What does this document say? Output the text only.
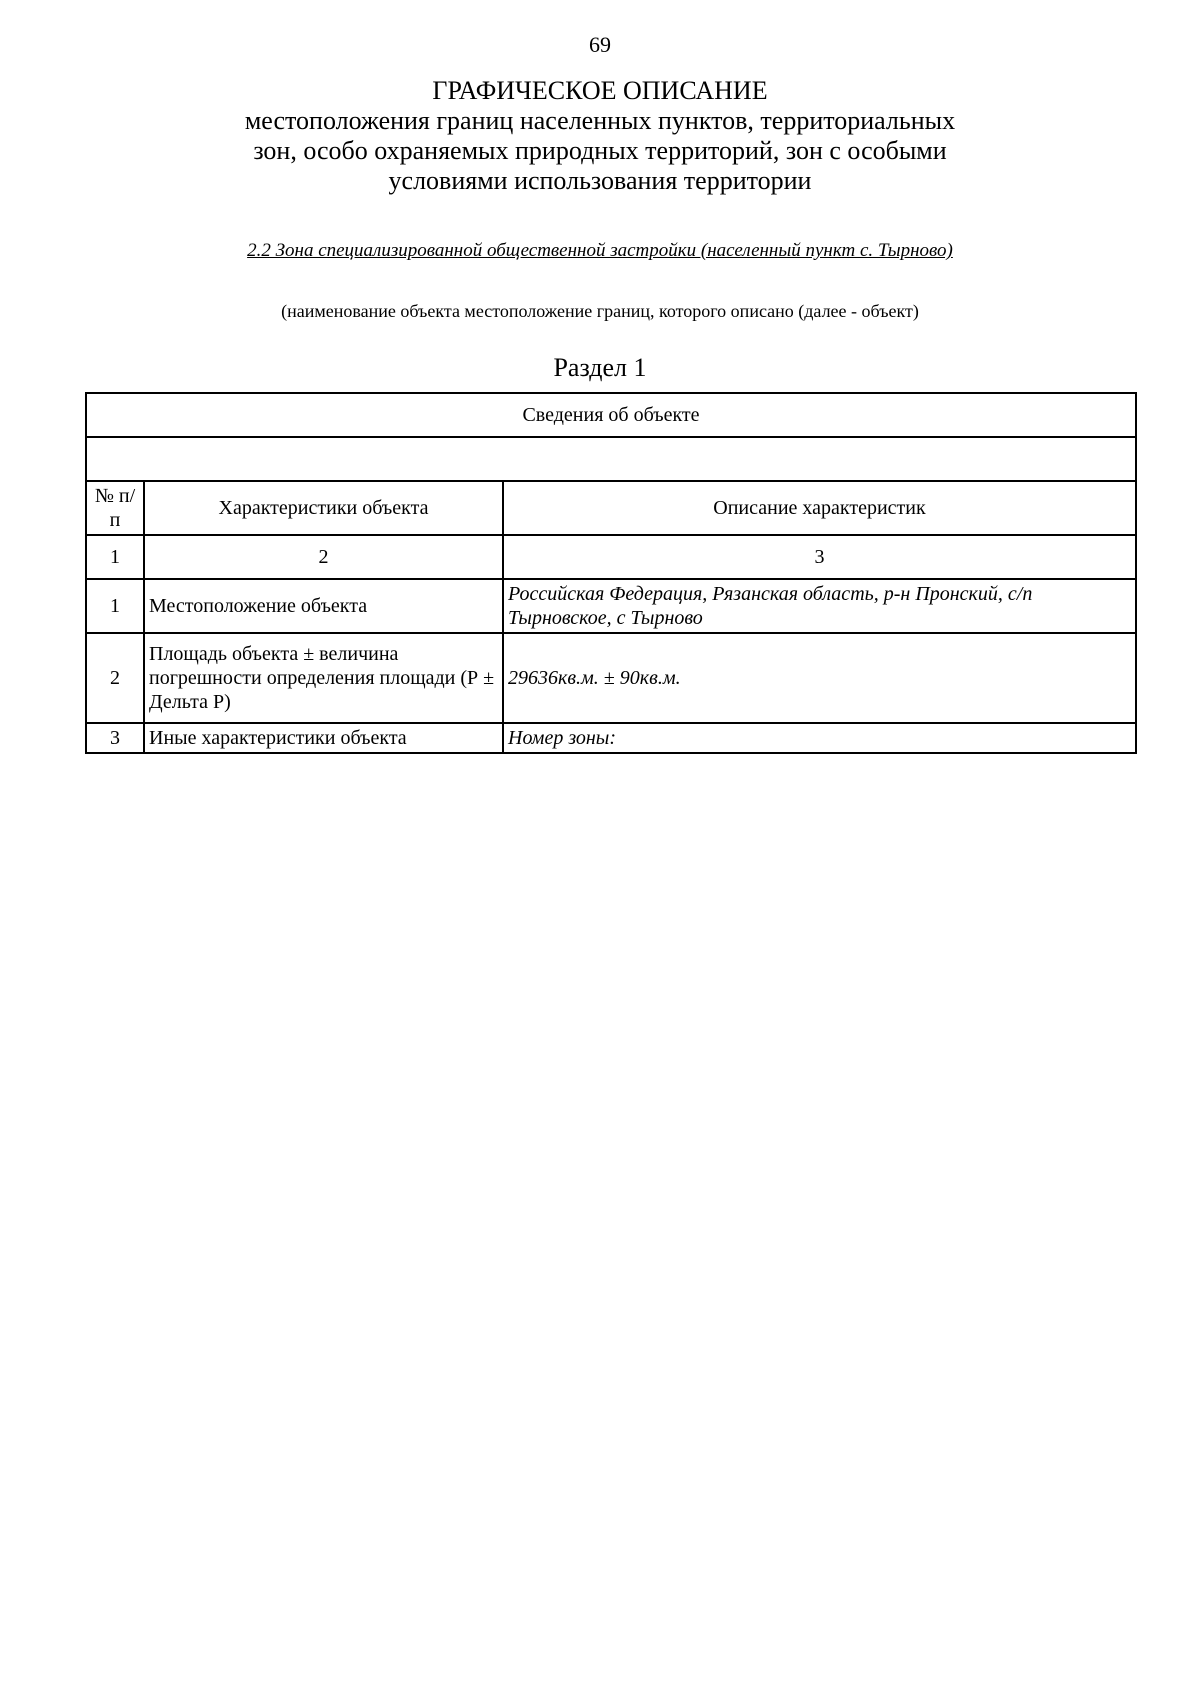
69
ГРАФИЧЕСКОЕ ОПИСАНИЕ
местоположения границ населенных пунктов, территориальных
зон, особо охраняемых природных территорий, зон с особыми
условиями использования территории
2.2 Зона специализированной общественной застройки (населенный пункт с. Тырново)
(наименование объекта местоположение границ, которого описано (далее - объект)
Раздел 1
Сведения об объекте		

№ п/п	Характеристики объекта	Описание характеристик
1	2	3
1	Местоположение объекта	Российская Федерация, Рязанская область, р-н Пронский, с/п Тырновское, с Тырново
2	Площадь объекта ± величина погрешности определения площади (Р ± Дельта Р)	29636кв.м. ± 90кв.м.
3	Иные характеристики объекта	Номер зоны:
